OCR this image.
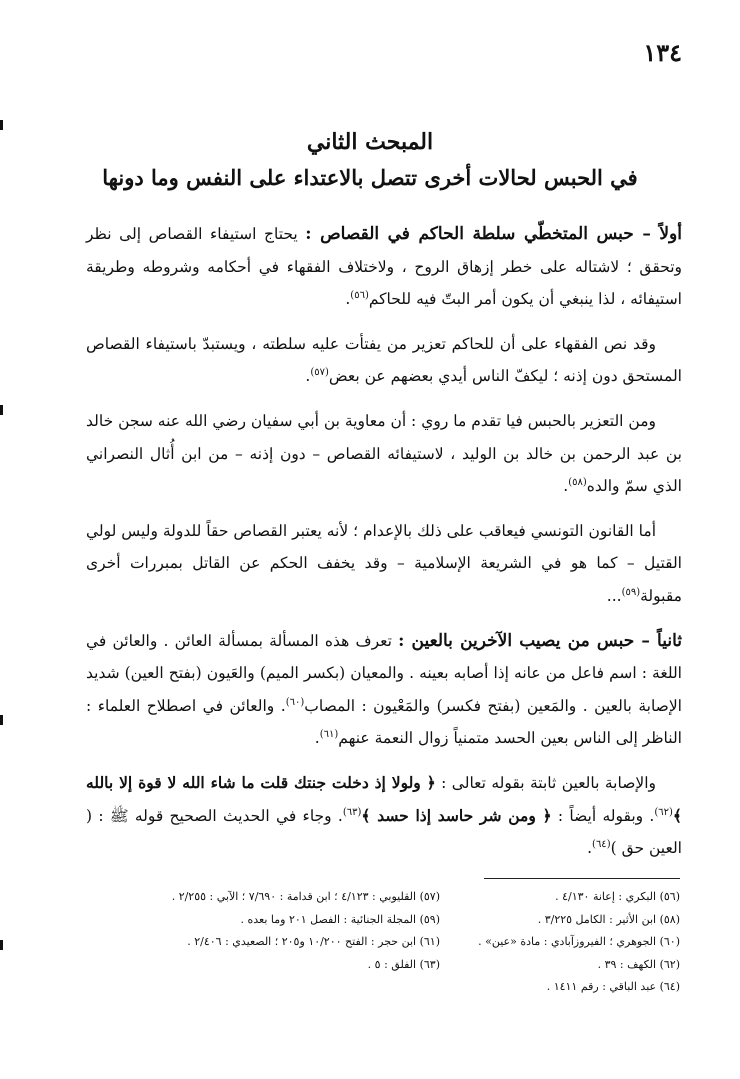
١٣٤

المبحث الثاني

في الحبس لحالات أخرى تتصل بالاعتداء على النفس وما دونها

أولاً – حبس المتخطّي سلطة الحاكم في القصاص : يحتاج استيفاء القصاص إلى نظر وتحقق ؛ لاشتاله على خطر إزهاق الروح ، ولاختلاف الفقهاء في أحكامه وشروطه وطريقة استيفائه ، لذا ينبغي أن يكون أمر البتّ فيه للحاكم$^{(٥٦)}$.

وقد نص الفقهاء على أن للحاكم تعزير من يفتأت عليه سلطته ، ويستبدّ باستيفاء القصاص المستحق دون إذنه ؛ ليكفّ الناس أيدي بعضهم عن بعض$^{(٥٧)}$.

ومن التعزير بالحبس فيا تقدم ما روي : أن معاوية بن أبي سفيان رضي الله عنه سجن خالد بن عبد الرحمن بن خالد بن الوليد ، لاستيفائه القصاص – دون إذنه – من ابن أُثال النصراني الذي سمّ والده$^{(٥٨)}$.

أما القانون التونسي فيعاقب على ذلك بالإعدام ؛ لأنه يعتبر القصاص حقاً للدولة وليس لولي القتيل – كما هو في الشريعة الإسلامية – وقد يخفف الحكم عن القاتل بمبررات أخرى مقبولة$^{(٥٩)}$...

ثانياً – حبس من يصيب الآخرين بالعين : تعرف هذه المسألة بمسألة العائن . والعائن في اللغة : اسم فاعل من عانه إذا أصابه بعينه . والمعيان (بكسر الميم) والعَيون (بفتح العين) شديد الإصابة بالعين . والمَعين (بفتح فكسر) والمَعْيون : المصاب$^{(٦٠)}$. والعائن في اصطلاح العلماء : الناظر إلى الناس بعين الحسد متمنياً زوال النعمة عنهم$^{(٦١)}$.

والإصابة بالعين ثابتة بقوله تعالى : ﴿ ولولا إذ دخلت جنتك قلت ما شاء الله لا قوة إلا بالله ﴾$^{(٦٢)}$. وبقوله أيضاً : ﴿ ومن شر حاسد إذا حسد ﴾$^{(٦٣)}$. وجاء في الحديث الصحيح قوله ﷺ : ( العين حق )$^{(٦٤)}$.

(٥٦) البكري : إعانة ٤/١٣٠ .
(٥٧) القليوبي : ٤/١٢٣ ؛ ابن قدامة : ٧/٦٩٠ ؛ الآبي : ٢/٢٥٥ .
(٥٨) ابن الأثير : الكامل ٣/٢٢٥ .
(٥٩) المجلة الجنائية : الفصل ٢٠١ وما بعده .
(٦٠) الجوهري ؛ الفيروزآبادي : مادة «عين» .
(٦١) ابن حجر : الفتح ١٠/٢٠٠ و٢٠٥ ؛ الصعيدي : ٢/٤٠٦ .
(٦٢) الكهف : ٣٩ .
(٦٣) الفلق : ٥ .
(٦٤) عبد الباقي : رقم ١٤١١ .
